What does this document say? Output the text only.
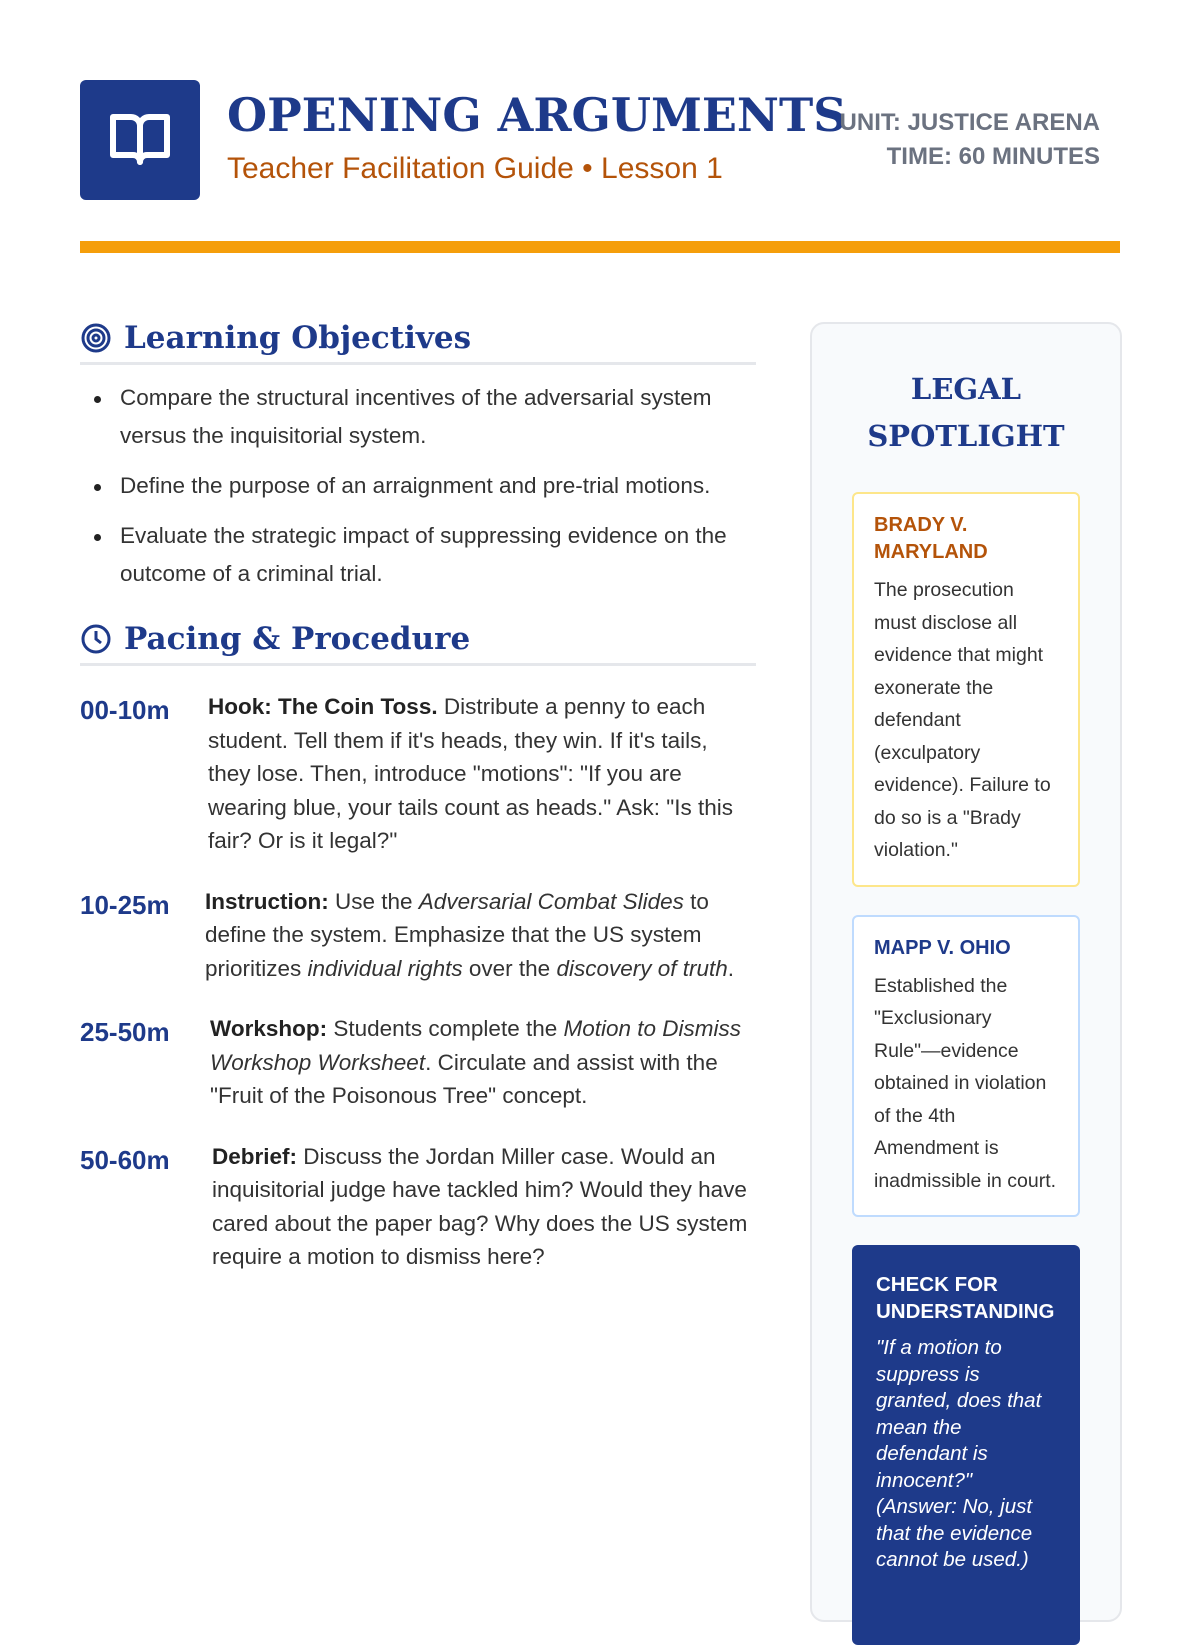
OPENING ARGUMENTS
Teacher Facilitation Guide • Lesson 1
UNIT: JUSTICE ARENA
TIME: 60 MINUTES
Learning Objectives
Compare the structural incentives of the adversarial system versus the inquisitorial system.
Define the purpose of an arraignment and pre-trial motions.
Evaluate the strategic impact of suppressing evidence on the outcome of a criminal trial.
Pacing & Procedure
00-10m	Hook: The Coin Toss. Distribute a penny to each student. Tell them if it's heads, they win. If it's tails, they lose. Then, introduce "motions": "If you are wearing blue, your tails count as heads." Ask: "Is this fair? Or is it legal?"
10-25m	Instruction: Use the Adversarial Combat Slides to define the system. Emphasize that the US system prioritizes individual rights over the discovery of truth.
25-50m	Workshop: Students complete the Motion to Dismiss Workshop Worksheet. Circulate and assist with the "Fruit of the Poisonous Tree" concept.
50-60m	Debrief: Discuss the Jordan Miller case. Would an inquisitorial judge have tackled him? Would they have cared about the paper bag? Why does the US system require a motion to dismiss here?
LEGAL
SPOTLIGHT
BRADY V. MARYLAND
The prosecution must disclose all evidence that might exonerate the defendant (exculpatory evidence). Failure to do so is a "Brady violation."
MAPP V. OHIO
Established the "Exclusionary Rule"—evidence obtained in violation of the 4th Amendment is inadmissible in court.
CHECK FOR UNDERSTANDING
"If a motion to suppress is granted, does that mean the defendant is innocent?" (Answer: No, just that the evidence cannot be used.)
